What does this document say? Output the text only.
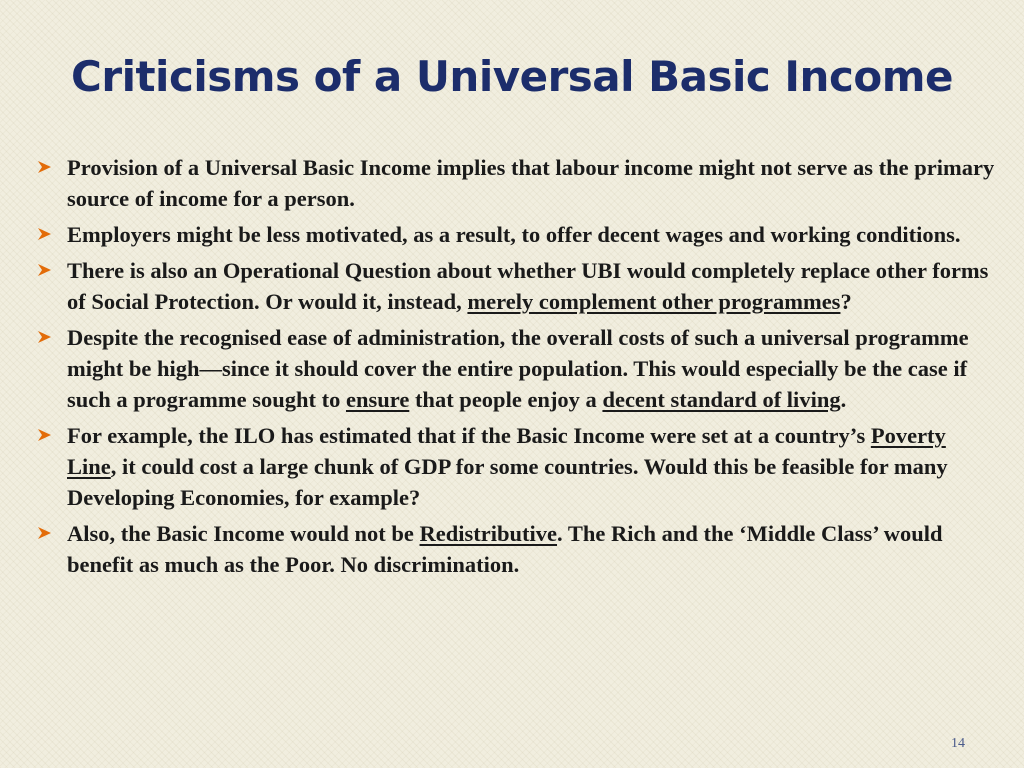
Criticisms of a Universal Basic Income
Provision of a Universal Basic Income implies that labour income might not serve as the primary source of income for a person.
Employers might be less motivated, as a result, to offer decent wages and working conditions.
There is also an Operational Question about whether UBI would completely replace other forms of Social Protection. Or would it, instead, merely complement other programmes?
Despite the recognised ease of administration, the overall costs of such a universal programme might be high—since it should cover the entire population. This would especially be the case if such a programme sought to ensure that people enjoy a decent standard of living.
For example, the ILO has estimated that if the Basic Income were set at a country’s Poverty Line, it could cost a large chunk of GDP for some countries. Would this be feasible for many Developing Economies, for example?
Also, the Basic Income would not be Redistributive. The Rich and the ‘Middle Class’ would benefit as much as the Poor. No discrimination.
14
